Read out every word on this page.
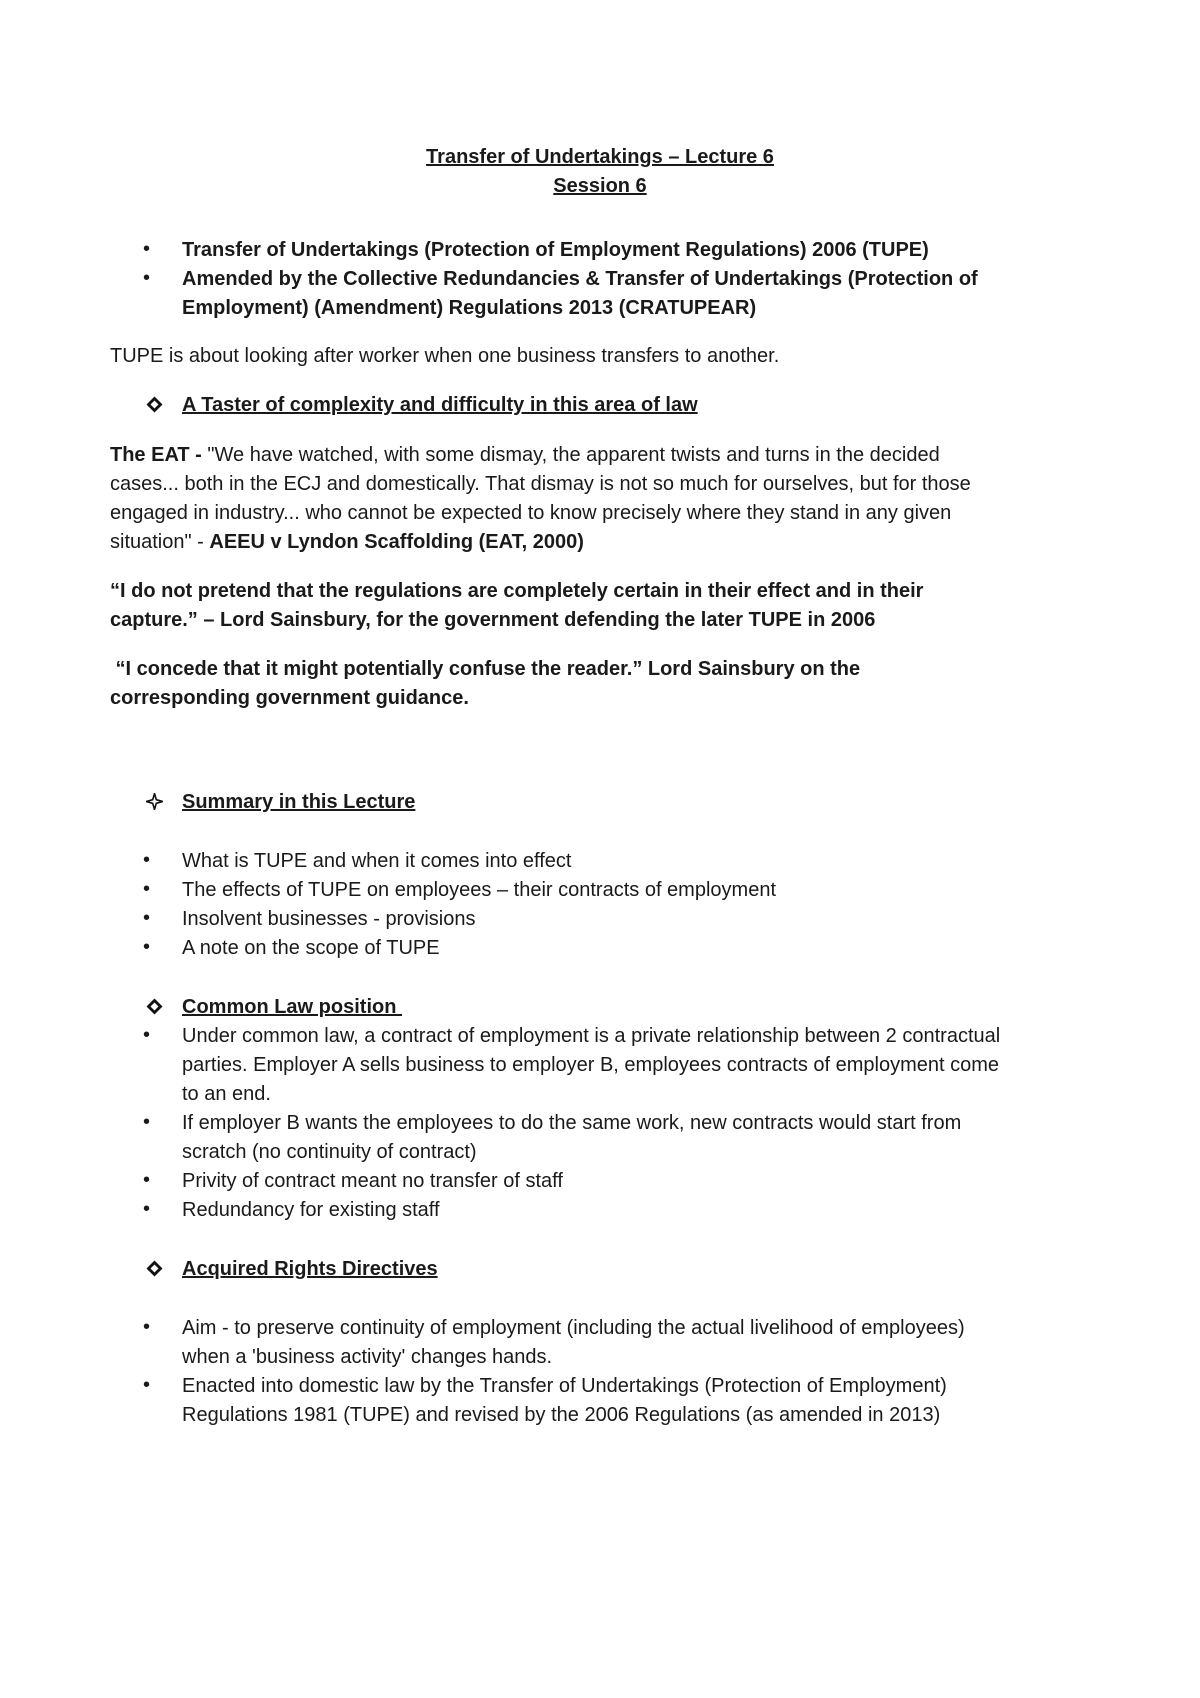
Transfer of Undertakings – Lecture 6
Session 6
• Transfer of Undertakings (Protection of Employment Regulations) 2006 (TUPE)
• Amended by the Collective Redundancies & Transfer of Undertakings (Protection of
Employment) (Amendment) Regulations 2013 (CRATUPEAR)
TUPE is about looking after worker when one business transfers to another.
A Taster of complexity and difficulty in this area of law
The EAT - "We have watched, with some dismay, the apparent twists and turns in the decided
cases... both in the ECJ and domestically. That dismay is not so much for ourselves, but for those
engaged in industry... who cannot be expected to know precisely where they stand in any given
situation" - AEEU v Lyndon Scaffolding (EAT, 2000)
“I do not pretend that the regulations are completely certain in their effect and in their
capture.” – Lord Sainsbury, for the government defending the later TUPE in 2006
“I concede that it might potentially confuse the reader.” Lord Sainsbury on the
corresponding government guidance.
Summary in this Lecture
• What is TUPE and when it comes into effect
• The effects of TUPE on employees – their contracts of employment
• Insolvent businesses - provisions
• A note on the scope of TUPE
Common Law position
• Under common law, a contract of employment is a private relationship between 2 contractual
parties. Employer A sells business to employer B, employees contracts of employment come
to an end.
• If employer B wants the employees to do the same work, new contracts would start from
scratch (no continuity of contract)
• Privity of contract meant no transfer of staff
• Redundancy for existing staff
Acquired Rights Directives
• Aim - to preserve continuity of employment (including the actual livelihood of employees)
when a 'business activity' changes hands.
• Enacted into domestic law by the Transfer of Undertakings (Protection of Employment)
Regulations 1981 (TUPE) and revised by the 2006 Regulations (as amended in 2013)
